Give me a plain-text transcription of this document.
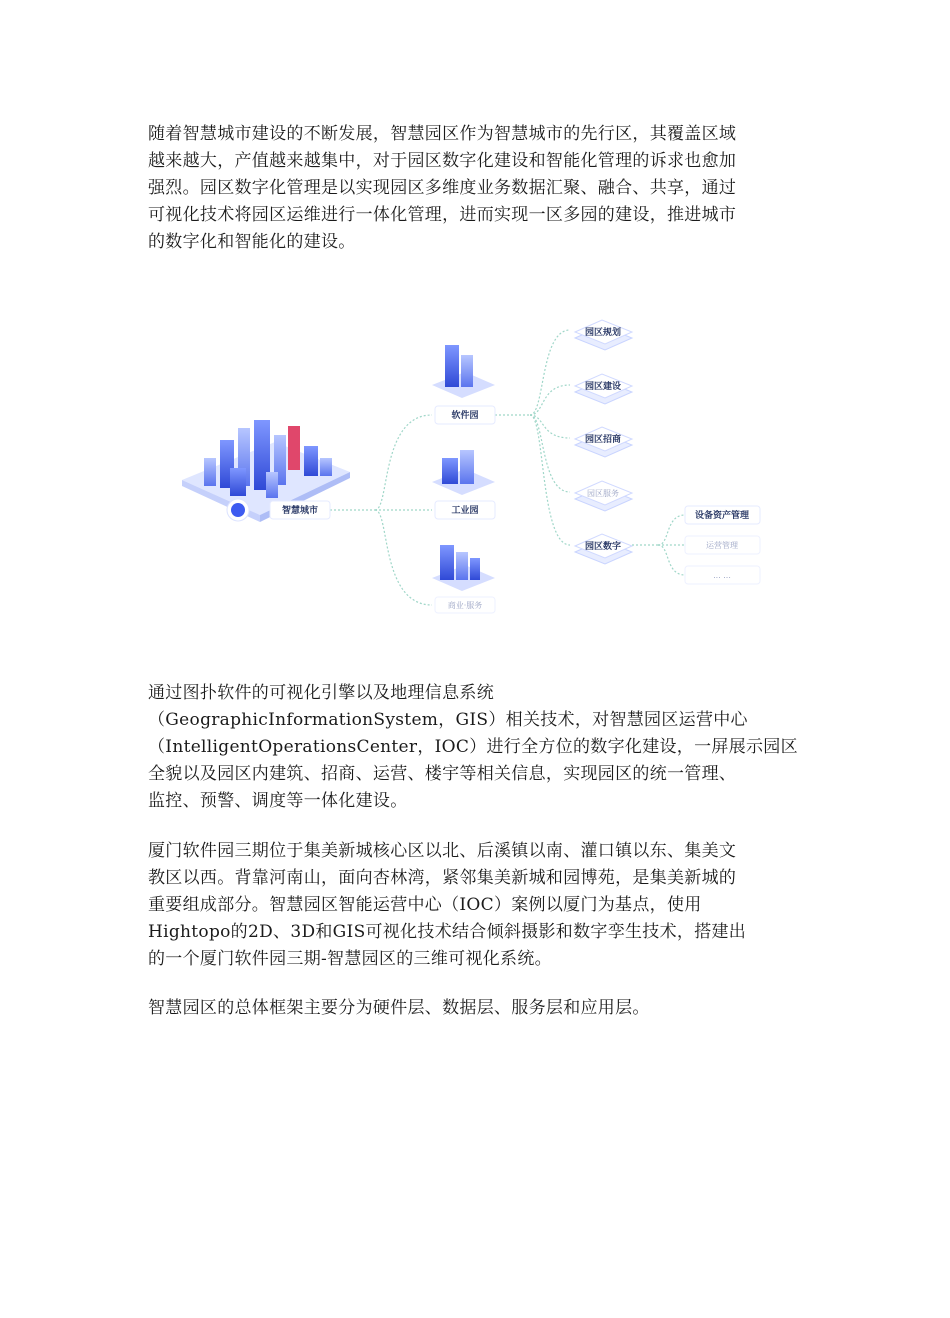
随着智慧城市建设的不断发展，智慧园区作为智慧城市的先行区，其覆盖区域
越来越大，产值越来越集中，对于园区数字化建设和智能化管理的诉求也愈加
强烈。园区数字化管理是以实现园区多维度业务数据汇聚、融合、共享，通过
可视化技术将园区运维进行一体化管理，进而实现一区多园的建设，推进城市
的数字化和智能化的建设。

智慧城市
软件园
工业园
商业·服务
园区规划
园区建设
园区招商
园区服务
园区数字
设备资产管理
运营管理
... ...

通过图扑软件的可视化引擎以及地理信息系统
（GeographicInformationSystem，GIS）相关技术，对智慧园区运营中心
（IntelligentOperationsCenter，IOC）进行全方位的数字化建设，一屏展示园区
全貌以及园区内建筑、招商、运营、楼宇等相关信息，实现园区的统一管理、
监控、预警、调度等一体化建设。

厦门软件园三期位于集美新城核心区以北、后溪镇以南、灌口镇以东、集美文
教区以西。背靠河南山，面向杏林湾，紧邻集美新城和园博苑，是集美新城的
重要组成部分。智慧园区智能运营中心（IOC）案例以厦门为基点，使用
Hightopo的2D、3D和GIS可视化技术结合倾斜摄影和数字孪生技术，搭建出
的一个厦门软件园三期-智慧园区的三维可视化系统。

智慧园区的总体框架主要分为硬件层、数据层、服务层和应用层。
